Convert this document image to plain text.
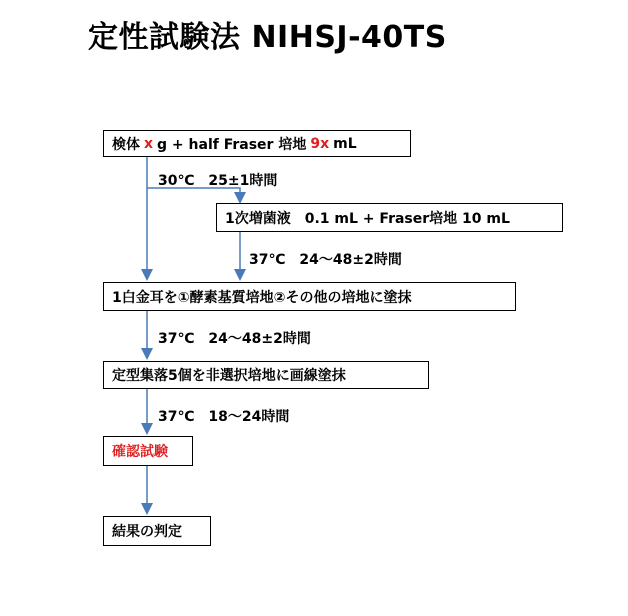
定性試験法 NIHSJ-40TS
検体 x g + half Fraser 培地 9x mL
30℃　25±1時間
1次増菌液　0.1 mL + Fraser培地 10 mL
37℃　24～48±2時間
1白金耳を①酵素基質培地②その他の培地に塗抹
37℃　24～48±2時間
定型集落5個を非選択培地に画線塗抹
37℃　18～24時間
確認試験
結果の判定
